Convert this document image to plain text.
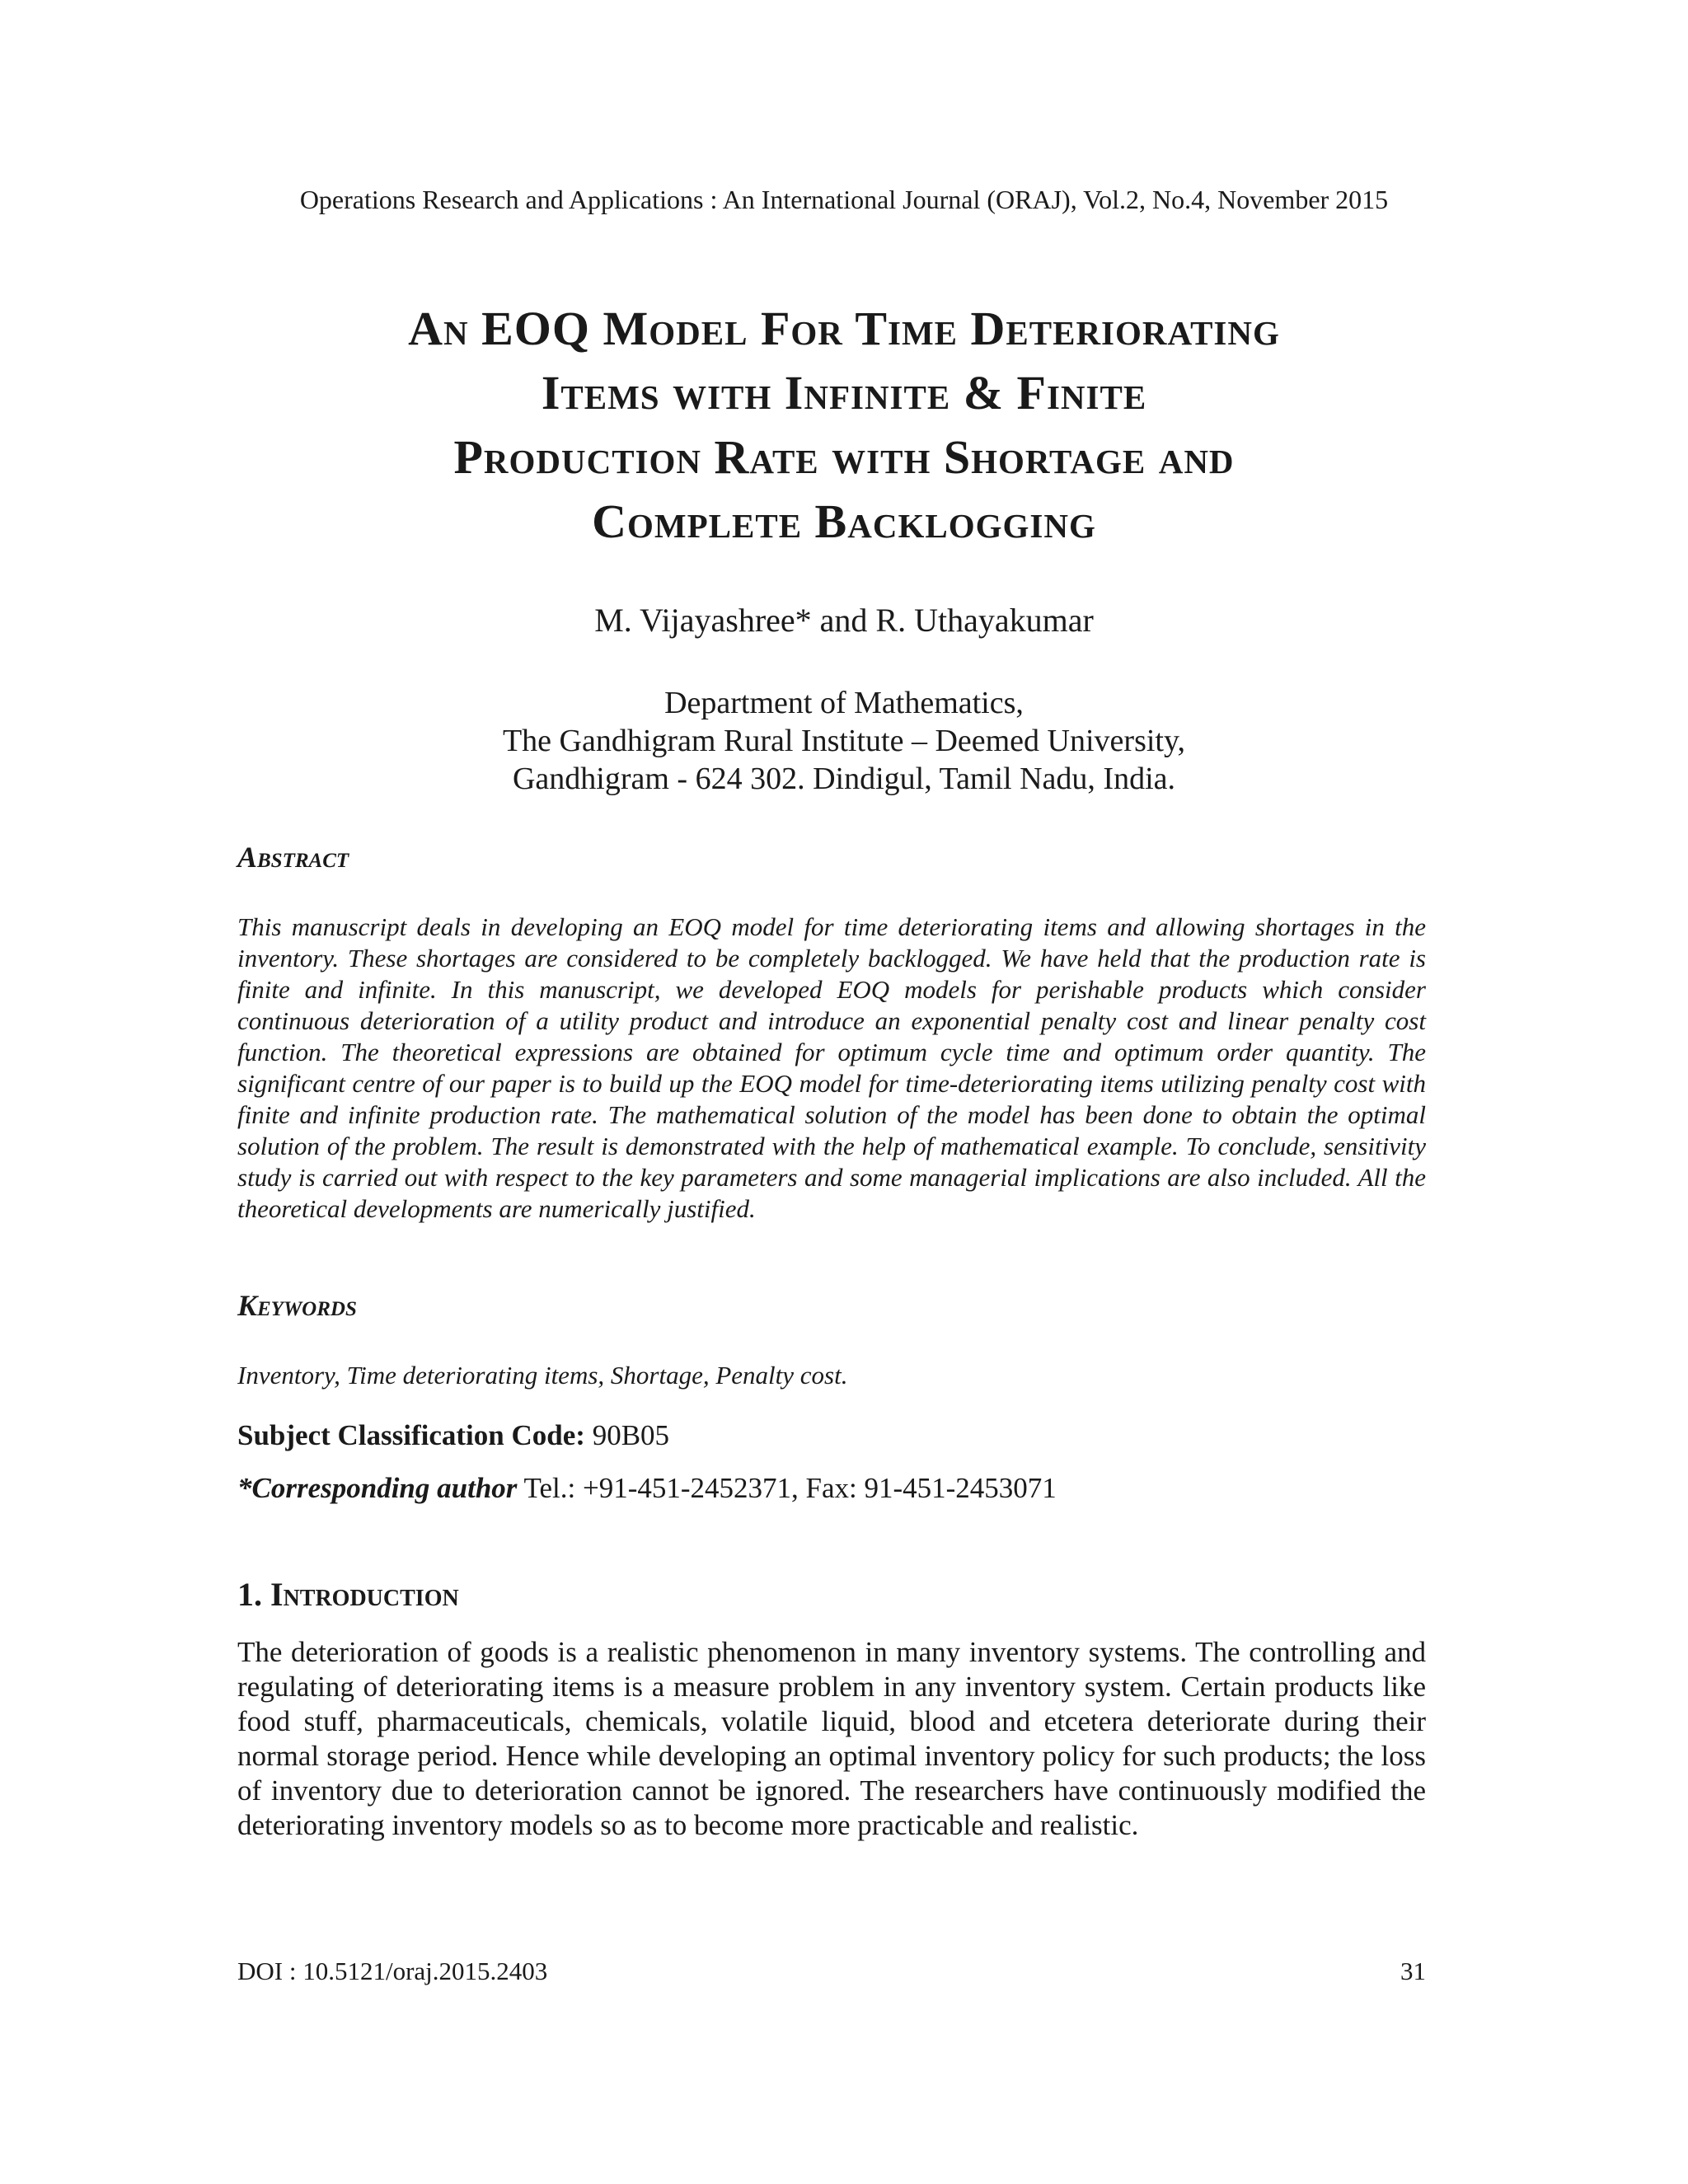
Operations Research and Applications : An International Journal (ORAJ), Vol.2, No.4, November 2015
An EOQ Model For Time Deteriorating
Items with Infinite & Finite
Production Rate with Shortage and
Complete Backlogging
M. Vijayashree* and R. Uthayakumar
Department of Mathematics,
The Gandhigram Rural Institute – Deemed University,
Gandhigram - 624 302. Dindigul, Tamil Nadu, India.
Abstract
This manuscript deals in developing an EOQ model for time deteriorating items and allowing shortages in the inventory. These shortages are considered to be completely backlogged. We have held that the production rate is finite and infinite. In this manuscript, we developed EOQ models for perishable products which consider continuous deterioration of a utility product and introduce an exponential penalty cost and linear penalty cost function. The theoretical expressions are obtained for optimum cycle time and optimum order quantity. The significant centre of our paper is to build up the EOQ model for time-deteriorating items utilizing penalty cost with finite and infinite production rate. The mathematical solution of the model has been done to obtain the optimal solution of the problem. The result is demonstrated with the help of mathematical example. To conclude, sensitivity study is carried out with respect to the key parameters and some managerial implications are also included. All the theoretical developments are numerically justified.
Keywords
Inventory, Time deteriorating items, Shortage, Penalty cost.
Subject Classification Code: 90B05
*Corresponding author Tel.: +91-451-2452371, Fax: 91-451-2453071
1. Introduction
The deterioration of goods is a realistic phenomenon in many inventory systems. The controlling and regulating of deteriorating items is a measure problem in any inventory system. Certain products like food stuff, pharmaceuticals, chemicals, volatile liquid, blood and etcetera deteriorate during their normal storage period. Hence while developing an optimal inventory policy for such products; the loss of inventory due to deterioration cannot be ignored. The researchers have continuously modified the deteriorating inventory models so as to become more practicable and realistic.
DOI : 10.5121/oraj.2015.2403	31
